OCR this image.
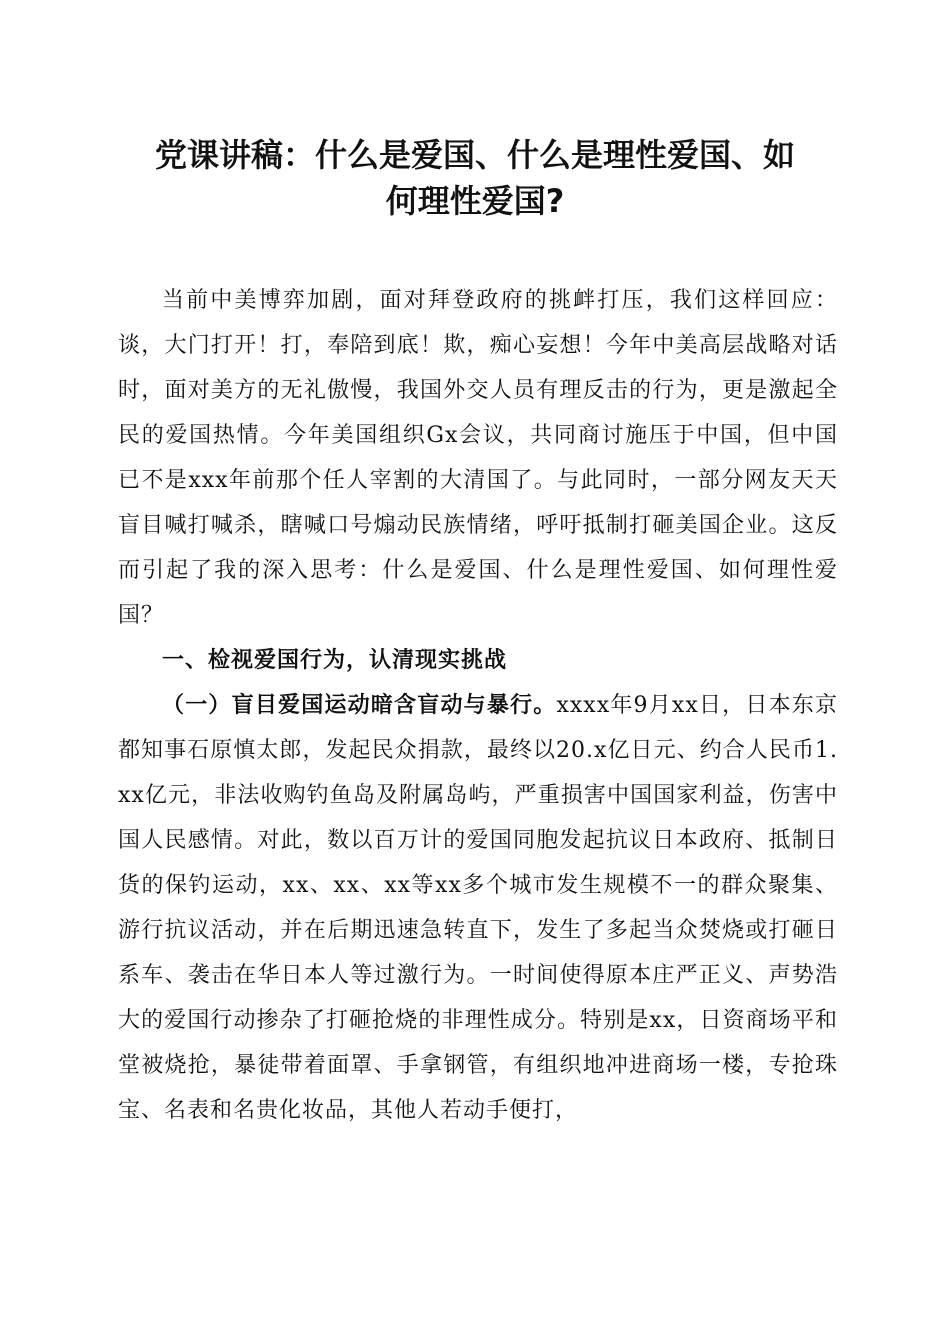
党课讲稿：什么是爱国、什么是理性爱国、如
何理性爱国?

当前中美博弈加剧，面对拜登政府的挑衅打压，我们这样回应：谈，大门打开！打，奉陪到底！欺，痴心妄想！今年中美高层战略对话时，面对美方的无礼傲慢，我国外交人员有理反击的行为，更是激起全民的爱国热情。今年美国组织Gx会议，共同商讨施压于中国，但中国已不是xxx年前那个任人宰割的大清国了。与此同时，一部分网友天天盲目喊打喊杀，瞎喊口号煽动民族情绪，呼吁抵制打砸美国企业。这反而引起了我的深入思考：什么是爱国、什么是理性爱国、如何理性爱国？

一、检视爱国行为，认清现实挑战

（一）盲目爱国运动暗含盲动与暴行。xxxx年9月xx日，日本东京都知事石原慎太郎，发起民众捐款，最终以20.x亿日元、约合人民币1.xx亿元，非法收购钓鱼岛及附属岛屿，严重损害中国国家利益，伤害中国人民感情。对此，数以百万计的爱国同胞发起抗议日本政府、抵制日货的保钓运动，xx、xx、xx等xx多个城市发生规模不一的群众聚集、游行抗议活动，并在后期迅速急转直下，发生了多起当众焚烧或打砸日系车、袭击在华日本人等过激行为。一时间使得原本庄严正义、声势浩大的爱国行动掺杂了打砸抢烧的非理性成分。特别是xx，日资商场平和堂被烧抢，暴徒带着面罩、手拿钢管，有组织地冲进商场一楼，专抢珠宝、名表和名贵化妆品，其他人若动手便打，
